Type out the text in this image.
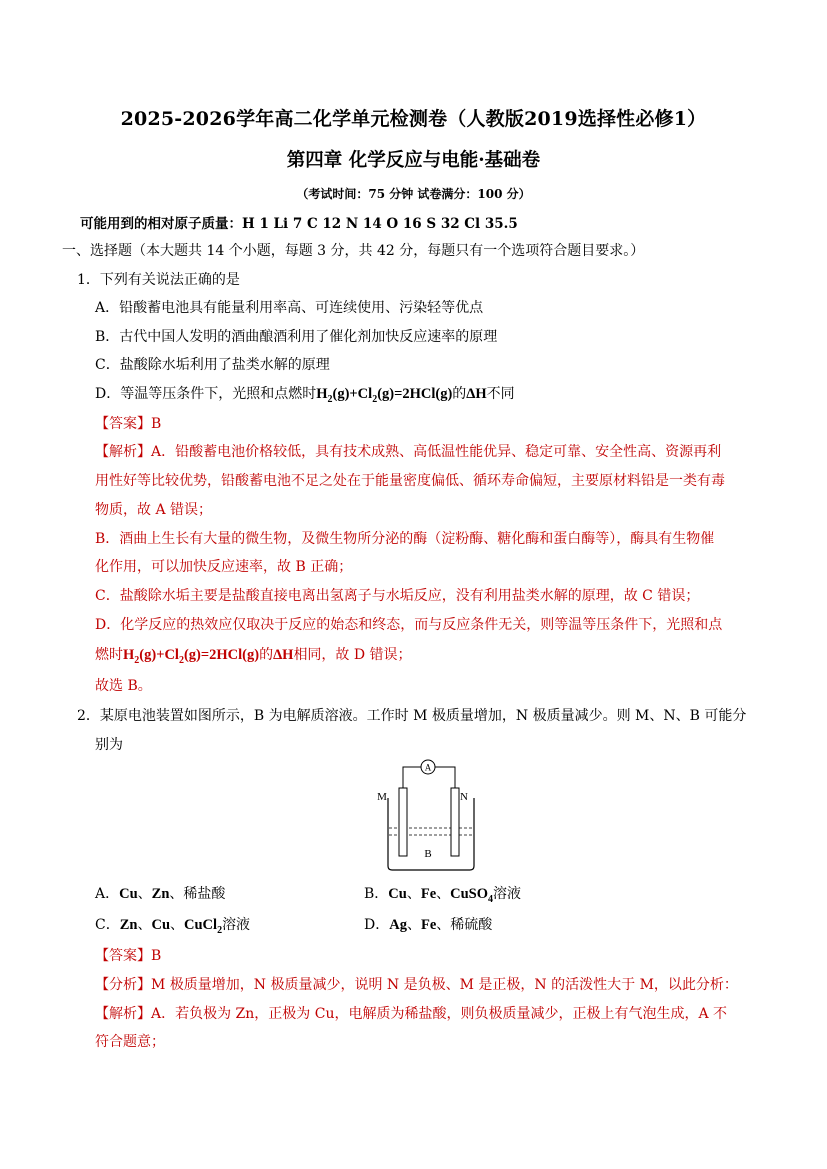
2025-2026学年高二化学单元检测卷（人教版2019选择性必修1）
第四章 化学反应与电能·基础卷
（考试时间：75 分钟 试卷满分：100 分）
可能用到的相对原子质量：H 1 Li 7 C 12 N 14 O 16 S 32 Cl 35.5
一、选择题（本大题共 14 个小题，每题 3 分，共 42 分，每题只有一个选项符合题目要求。）
1．下列有关说法正确的是
A．铅酸蓄电池具有能量利用率高、可连续使用、污染轻等优点
B．古代中国人发明的酒曲酿酒利用了催化剂加快反应速率的原理
C．盐酸除水垢利用了盐类水解的原理
D．等温等压条件下，光照和点燃时$H_2(g)+Cl_2(g)=2HCl(g)$的ΔH不同
【答案】B
【解析】A．铅酸蓄电池价格较低，具有技术成熟、高低温性能优异、稳定可靠、安全性高、资源再利
用性好等比较优势，铅酸蓄电池不足之处在于能量密度偏低、循环寿命偏短，主要原材料铅是一类有毒
物质，故 A 错误；
B．酒曲上生长有大量的微生物，及微生物所分泌的酶（淀粉酶、糖化酶和蛋白酶等），酶具有生物催
化作用，可以加快反应速率，故 B 正确；
C．盐酸除水垢主要是盐酸直接电离出氢离子与水垢反应，没有利用盐类水解的原理，故 C 错误；
D．化学反应的热效应仅取决于反应的始态和终态，而与反应条件无关，则等温等压条件下，光照和点
燃时$H_2(g)+Cl_2(g)=2HCl(g)$的ΔH相同，故 D 错误；
故选 B。
2．某原电池装置如图所示，B 为电解质溶液。工作时 M 极质量增加，N 极质量减少。则 M、N、B 可能分
别为
A
M	N
B
A．Cu、Zn、稀盐酸	B．Cu、Fe、CuSO$_4$溶液
C．Zn、Cu、CuCl$_2$溶液	D．Ag、Fe、稀硫酸
【答案】B
【分析】M 极质量增加，N 极质量减少，说明 N 是负极、M 是正极，N 的活泼性大于 M，以此分析：
【解析】A．若负极为 Zn，正极为 Cu，电解质为稀盐酸，则负极质量减少，正极上有气泡生成，A 不
符合题意；
